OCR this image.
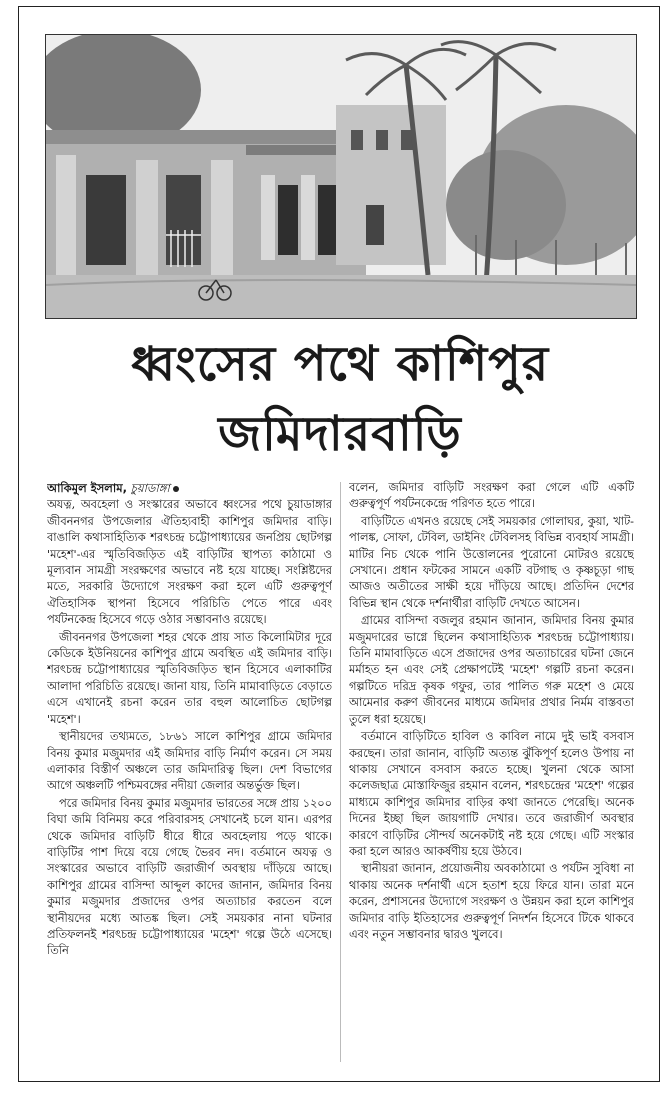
ধ্বংসের পথে কাশিপুর
জমিদারবাড়ি
আকিমুল ইসলাম, চুয়াডাঙ্গা

অযত্ন, অবহেলা ও সংস্কারের অভাবে ধ্বংসের পথে চুয়াডাঙ্গার জীবননগর উপজেলার ঐতিহ্যবাহী কাশিপুর জমিদার বাড়ি। বাঙালি কথাসাহিত্যিক শরৎচন্দ্র চট্টোপাধ্যায়ের জনপ্রিয় ছোটগল্প 'মহেশ'-এর স্মৃতিবিজড়িত এই বাড়িটির স্থাপত্য কাঠামো ও মূল্যবান সামগ্রী সংরক্ষণের অভাবে নষ্ট হয়ে যাচ্ছে। সংশ্লিষ্টদের মতে, সরকারি উদ্যোগে সংরক্ষণ করা হলে এটি গুরুত্বপূর্ণ ঐতিহাসিক স্থাপনা হিসেবে পরিচিতি পেতে পারে এবং পর্যটনকেন্দ্র হিসেবে গড়ে ওঠার সম্ভাবনাও রয়েছে।

জীবননগর উপজেলা শহর থেকে প্রায় সাত কিলোমিটার দূরে কেডিকে ইউনিয়নের কাশিপুর গ্রামে অবস্থিত এই জমিদার বাড়ি। শরৎচন্দ্র চট্টোপাধ্যায়ের স্মৃতিবিজড়িত স্থান হিসেবে এলাকাটির আলাদা পরিচিতি রয়েছে। জানা যায়, তিনি মামাবাড়িতে বেড়াতে এসে এখানেই রচনা করেন তার বহুল আলোচিত ছোটগল্প 'মহেশ'।

স্থানীয়দের তথ্যমতে, ১৮৬১ সালে কাশিপুর গ্রামে জমিদার বিনয় কুমার মজুমদার এই জমিদার বাড়ি নির্মাণ করেন। সে সময় এলাকার বিস্তীর্ণ অঞ্চলে তার জমিদারিত্ব ছিল। দেশ বিভাগের আগে অঞ্চলটি পশ্চিমবঙ্গের নদীয়া জেলার অন্তর্ভুক্ত ছিল।

পরে জমিদার বিনয় কুমার মজুমদার ভারতের সঙ্গে প্রায় ১২০০ বিঘা জমি বিনিময় করে পরিবারসহ সেখানেই চলে যান। এরপর থেকে জমিদার বাড়িটি ধীরে ধীরে অবহেলায় পড়ে থাকে। বাড়িটির পাশ দিয়ে বয়ে গেছে ভৈরব নদ। বর্তমানে অযত্ন ও সংস্কারের অভাবে বাড়িটি জরাজীর্ণ অবস্থায় দাঁড়িয়ে আছে। কাশিপুর গ্রামের বাসিন্দা আব্দুল কাদের জানান, জমিদার বিনয় কুমার মজুমদার প্রজাদের ওপর অত্যাচার করতেন বলে স্থানীয়দের মধ্যে আতঙ্ক ছিল। সেই সময়কার নানা ঘটনার প্রতিফলনই শরৎচন্দ্র চট্টোপাধ্যায়ের 'মহেশ' গল্পে উঠে এসেছে। তিনি

বলেন, জমিদার বাড়িটি সংরক্ষণ করা গেলে এটি একটি গুরুত্বপূর্ণ পর্যটনকেন্দ্রে পরিণত হতে পারে।

বাড়িটিতে এখনও রয়েছে সেই সময়কার গোলাঘর, কুয়া, খাট-পালঙ্ক, সোফা, টেবিল, ডাইনিং টেবিলসহ বিভিন্ন ব্যবহার্য সামগ্রী। মাটির নিচ থেকে পানি উত্তোলনের পুরোনো মোটরও রয়েছে সেখানে। প্রধান ফটকের সামনে একটি বটগাছ ও কৃষ্ণচূড়া গাছ আজও অতীতের সাক্ষী হয়ে দাঁড়িয়ে আছে। প্রতিদিন দেশের বিভিন্ন স্থান থেকে দর্শনার্থীরা বাড়িটি দেখতে আসেন।

গ্রামের বাসিন্দা বজলুর রহমান জানান, জমিদার বিনয় কুমার মজুমদারের ভাগ্নে ছিলেন কথাসাহিত্যিক শরৎচন্দ্র চট্টোপাধ্যায়। তিনি মামাবাড়িতে এসে প্রজাদের ওপর অত্যাচারের ঘটনা জেনে মর্মাহত হন এবং সেই প্রেক্ষাপটেই 'মহেশ' গল্পটি রচনা করেন। গল্পটিতে দরিদ্র কৃষক গফুর, তার পালিত গরু মহেশ ও মেয়ে আমেনার করুণ জীবনের মাধ্যমে জমিদার প্রথার নির্মম বাস্তবতা তুলে ধরা হয়েছে।

বর্তমানে বাড়িটিতে হাবিল ও কাবিল নামে দুই ভাই বসবাস করছেন। তারা জানান, বাড়িটি অত্যন্ত ঝুঁকিপূর্ণ হলেও উপায় না থাকায় সেখানে বসবাস করতে হচ্ছে। খুলনা থেকে আসা কলেজছাত্র মোস্তাফিজুর রহমান বলেন, শরৎচন্দ্রের 'মহেশ' গল্পের মাধ্যমে কাশিপুর জমিদার বাড়ির কথা জানতে পেরেছি। অনেক দিনের ইচ্ছা ছিল জায়গাটি দেখার। তবে জরাজীর্ণ অবস্থার কারণে বাড়িটির সৌন্দর্য অনেকটাই নষ্ট হয়ে গেছে। এটি সংস্কার করা হলে আরও আকর্ষণীয় হয়ে উঠবে।

স্থানীয়রা জানান, প্রয়োজনীয় অবকাঠামো ও পর্যটন সুবিধা না থাকায় অনেক দর্শনার্থী এসে হতাশ হয়ে ফিরে যান। তারা মনে করেন, প্রশাসনের উদ্যোগে সংরক্ষণ ও উন্নয়ন করা হলে কাশিপুর জমিদার বাড়ি ইতিহাসের গুরুত্বপূর্ণ নিদর্শন হিসেবে টিকে থাকবে এবং নতুন সম্ভাবনার দ্বারও খুলবে।
